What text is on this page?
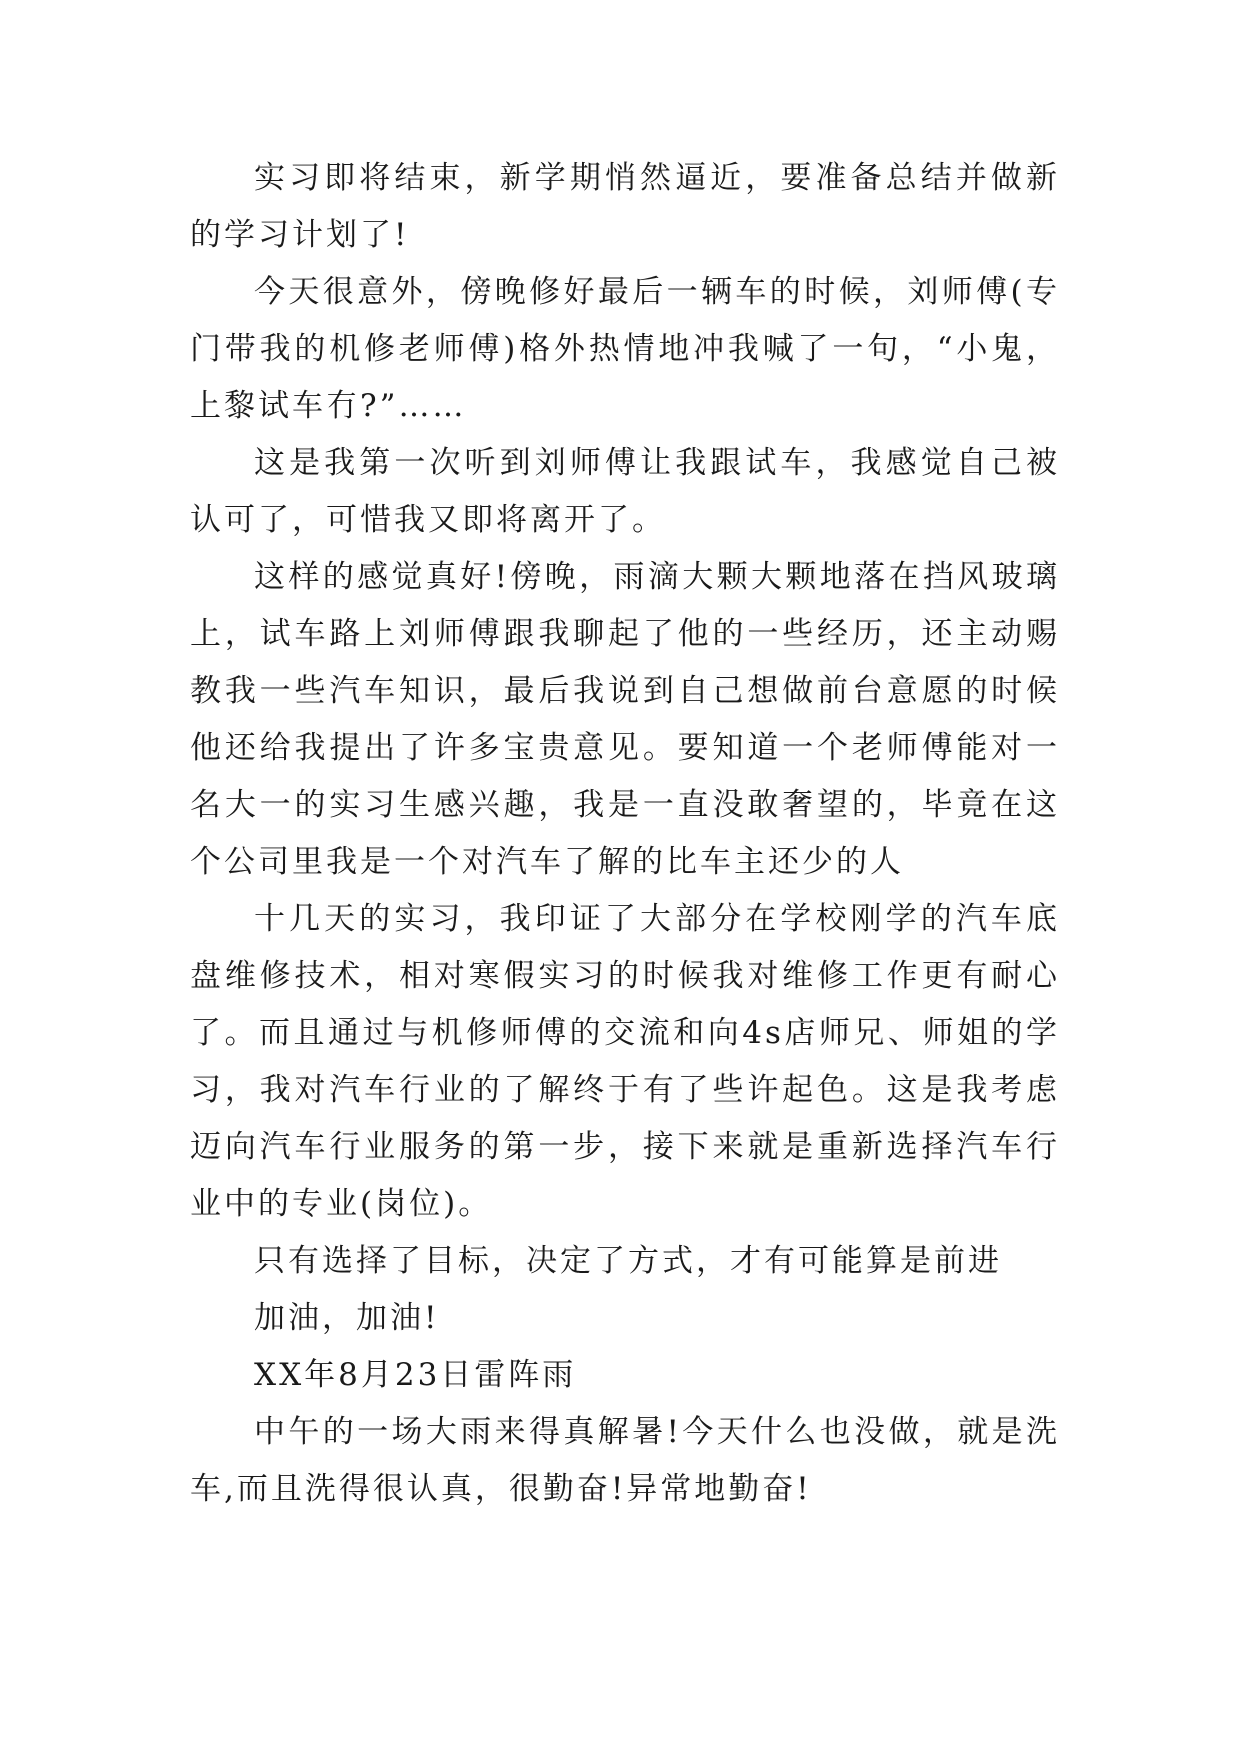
实习即将结束，新学期悄然逼近，要准备总结并做新的学习计划了!

今天很意外，傍晚修好最后一辆车的时候，刘师傅(专门带我的机修老师傅)格外热情地冲我喊了一句，“小鬼，上黎试车冇?”……

这是我第一次听到刘师傅让我跟试车，我感觉自己被认可了，可惜我又即将离开了。

这样的感觉真好!傍晚，雨滴大颗大颗地落在挡风玻璃上，试车路上刘师傅跟我聊起了他的一些经历，还主动赐教我一些汽车知识，最后我说到自己想做前台意愿的时候他还给我提出了许多宝贵意见。要知道一个老师傅能对一名大一的实习生感兴趣，我是一直没敢奢望的，毕竟在这个公司里我是一个对汽车了解的比车主还少的人

十几天的实习，我印证了大部分在学校刚学的汽车底盘维修技术，相对寒假实习的时候我对维修工作更有耐心了。而且通过与机修师傅的交流和向4s店师兄、师姐的学习，我对汽车行业的了解终于有了些许起色。这是我考虑迈向汽车行业服务的第一步，接下来就是重新选择汽车行业中的专业(岗位)。

只有选择了目标，决定了方式，才有可能算是前进

加油，加油!

XX年8月23日雷阵雨

中午的一场大雨来得真解暑!今天什么也没做，就是洗车,而且洗得很认真，很勤奋!异常地勤奋!
